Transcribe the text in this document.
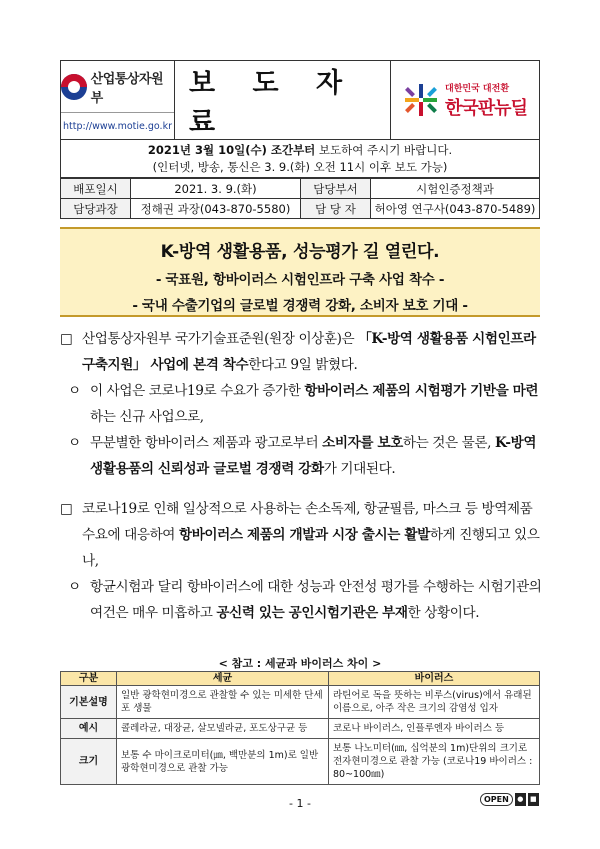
산업통상자원부
http://www.motie.go.kr
보 도 자 료
대한민국 대전환
한국판뉴딜
2021년 3월 10일(수) 조간부터 보도하여 주시기 바랍니다.
(인터넷, 방송, 통신은 3. 9.(화) 오전 11시 이후 보도 가능)
배포일시	2021. 3. 9.(화)	담당부서	시험인증정책과
담당과장	정해권 과장(043-870-5580)	담 당 자	허아영 연구사(043-870-5489)
K-방역 생활용품, 성능평가 길 열린다.
- 국표원, 항바이러스 시험인프라 구축 사업 착수 -
- 국내 수출기업의 글로벌 경쟁력 강화, 소비자 보호 기대 -
□ 산업통상자원부 국가기술표준원(원장 이상훈)은 「K-방역 생활용품 시험인프라 구축지원」 사업에 본격 착수한다고 9일 밝혔다.
ㅇ 이 사업은 코로나19로 수요가 증가한 항바이러스 제품의 시험평가 기반을 마련하는 신규 사업으로,
ㅇ 무분별한 항바이러스 제품과 광고로부터 소비자를 보호하는 것은 물론, K-방역 생활용품의 신뢰성과 글로벌 경쟁력 강화가 기대된다.
□ 코로나19로 인해 일상적으로 사용하는 손소독제, 항균필름, 마스크 등 방역제품 수요에 대응하여 항바이러스 제품의 개발과 시장 출시는 활발하게 진행되고 있으나,
ㅇ 항균시험과 달리 항바이러스에 대한 성능과 안전성 평가를 수행하는 시험기관의 여건은 매우 미흡하고 공신력 있는 공인시험기관은 부재한 상황이다.
< 참고 : 세균과 바이러스 차이 >
구분	세균	바이러스
기본설명	일반 광학현미경으로 관찰할 수 있는 미세한 단세포 생물	라틴어로 독을 뜻하는 비루스(virus)에서 유래된 이름으로, 아주 작은 크기의 감염성 입자
예시	콜레라균, 대장균, 살모넬라균, 포도상구균 등	코로나 바이러스, 인플루엔자 바이러스 등
크기	보통 수 마이크로미터(㎛, 백만분의 1m)로 일반 광학현미경으로 관찰 가능	보통 나노미터(㎚, 십억분의 1m)단위의 크기로 전자현미경으로 관찰 가능 (코로나19 바이러스 : 80~100㎚)
- 1 -	OPEN	● ■
